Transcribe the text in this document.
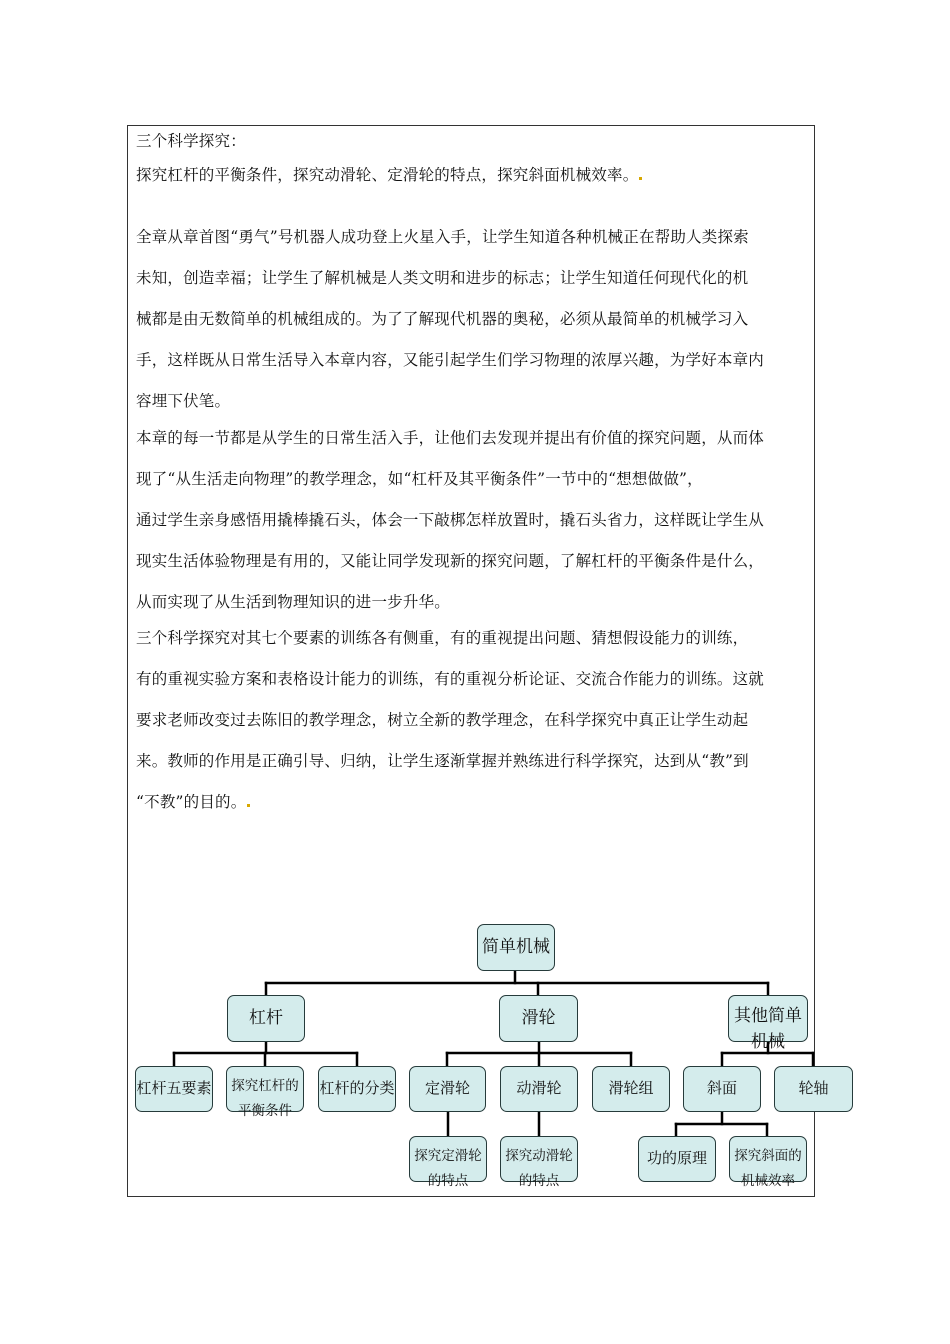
三个科学探究：
探究杠杆的平衡条件，探究动滑轮、定滑轮的特点，探究斜面机械效率。
全章从章首图“勇气”号机器人成功登上火星入手，让学生知道各种机械正在帮助人类探索
未知，创造幸福；让学生了解机械是人类文明和进步的标志；让学生知道任何现代化的机
械都是由无数简单的机械组成的。为了了解现代机器的奥秘，必须从最简单的机械学习入
手，这样既从日常生活导入本章内容，又能引起学生们学习物理的浓厚兴趣，为学好本章内
容埋下伏笔。
本章的每一节都是从学生的日常生活入手，让他们去发现并提出有价值的探究问题，从而体
现了“从生活走向物理”的教学理念，如“杠杆及其平衡条件”一节中的“想想做做”，
通过学生亲身感悟用撬棒撬石头，体会一下敲梆怎样放置时，撬石头省力，这样既让学生从
现实生活体验物理是有用的，又能让同学发现新的探究问题，了解杠杆的平衡条件是什么，
从而实现了从生活到物理知识的进一步升华。
三个科学探究对其七个要素的训练各有侧重，有的重视提出问题、猜想假设能力的训练，
有的重视实验方案和表格设计能力的训练，有的重视分析论证、交流合作能力的训练。这就
要求老师改变过去陈旧的教学理念，树立全新的教学理念，在科学探究中真正让学生动起
来。教师的作用是正确引导、归纳，让学生逐渐掌握并熟练进行科学探究，达到从“教”到
“不教”的目的。
简单机械
杠杆	滑轮	其他简单机械
杠杆五要素	探究杠杆的平衡条件
杠杆的分类	定滑轮	动滑轮	滑轮组	斜面	轮轴
探究定滑轮的特点
探究动滑轮的特点
功的原理	探究斜面的机械效率
